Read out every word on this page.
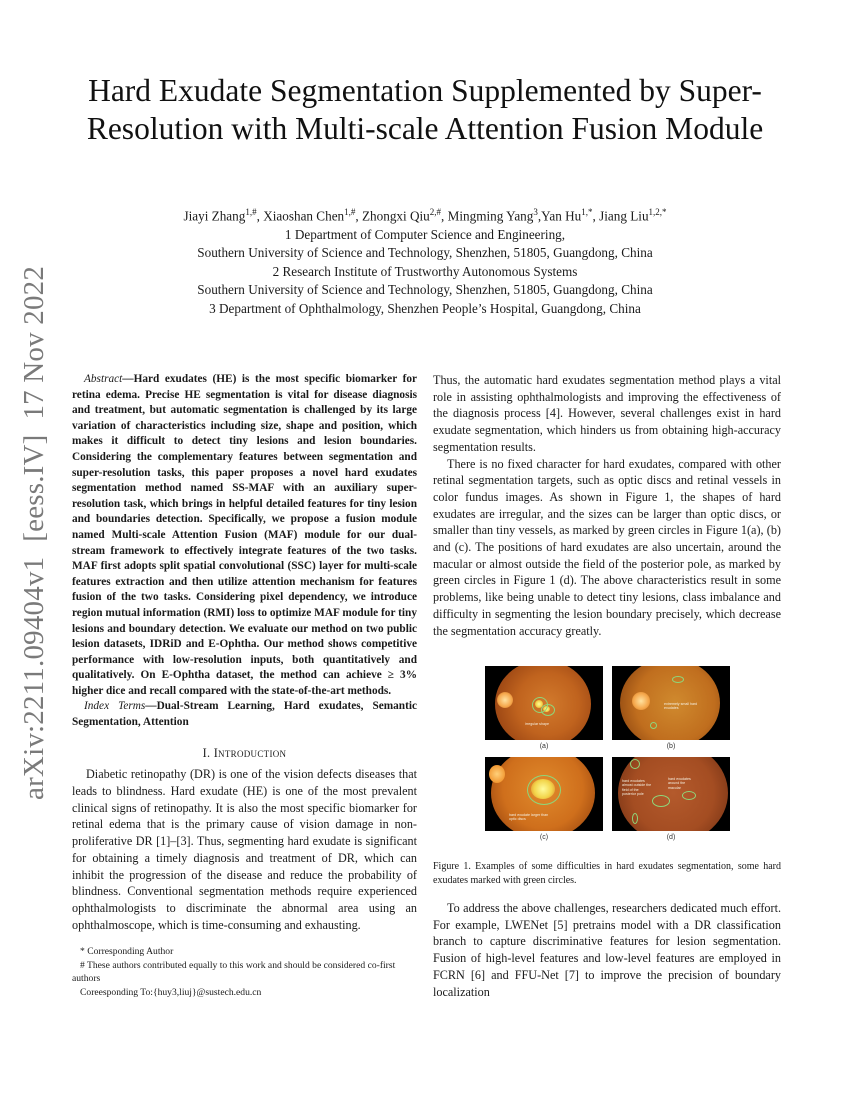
arXiv:2211.09404v1  [eess.IV]  17 Nov 2022
Hard Exudate Segmentation Supplemented by Super-Resolution with Multi-scale Attention Fusion Module
Jiayi Zhang$^{1,\#}$, Xiaoshan Chen$^{1,\#}$, Zhongxi Qiu$^{2,\#}$, Mingming Yang$^3$,Yan $Hu^{1,*}$, Jiang Liu$^{1,2,*}$
1 Department of Computer Science and Engineering,
Southern University of Science and Technology, Shenzhen, 51805, Guangdong, China
2 Research Institute of Trustworthy Autonomous Systems
Southern University of Science and Technology, Shenzhen, 51805, Guangdong, China
3 Department of Ophthalmology, Shenzhen People’s Hospital, Guangdong, China

Abstract—Hard exudates (HE) is the most specific biomarker for retina edema. Precise HE segmentation is vital for disease diagnosis and treatment, but automatic segmentation is challenged by its large variation of characteristics including size, shape and position, which makes it difficult to detect tiny lesions and lesion boundaries. Considering the complementary features between segmentation and super-resolution tasks, this paper proposes a novel hard exudates segmentation method named SS-MAF with an auxiliary super-resolution task, which brings in helpful detailed features for tiny lesion and boundaries detection. Specifically, we propose a fusion module named Multi-scale Attention Fusion (MAF) module for our dual-stream framework to effectively integrate features of the two tasks. MAF first adopts split spatial convolutional (SSC) layer for multi-scale features extraction and then utilize attention mechanism for features fusion of the two tasks. Considering pixel dependency, we introduce region mutual information (RMI) loss to optimize MAF module for tiny lesions and boundary detection. We evaluate our method on two public lesion datasets, IDRiD and E-Ophtha. Our method shows competitive performance with low-resolution inputs, both quantitatively and qualitatively. On E-Ophtha dataset, the method can achieve ≥ 3% higher dice and recall compared with the state-of-the-art methods.

Index Terms—Dual-Stream Learning, Hard exudates, Semantic Segmentation, Attention

I. Introduction

Diabetic retinopathy (DR) is one of the vision defects diseases that leads to blindness. Hard exudate (HE) is one of the most prevalent clinical signs of retinopathy. It is also the most specific biomarker for retinal edema that is the primary cause of vision damage in non-proliferative DR [1]–[3]. Thus, segmenting hard exudate is significant for obtaining a timely diagnosis and treatment of DR, which can inhibit the progression of the disease and reduce the probability of blindness. Conventional segmentation methods require experienced ophthalmologists to discriminate the abnormal area using an ophthalmoscope, which is time-consuming and exhausting.

* Corresponding Author
# These authors contributed equally to this work and should be considered co-first authors
Coreesponding To:{huy3,liuj}@sustech.edu.cn

Thus, the automatic hard exudates segmentation method plays a vital role in assisting ophthalmologists and improving the effectiveness of the diagnosis process [4]. However, several challenges exist in hard exudate segmentation, which hinders us from obtaining high-accuracy segmentation results.

There is no fixed character for hard exudates, compared with other retinal segmentation targets, such as optic discs and retinal vessels in color fundus images. As shown in Figure 1, the shapes of hard exudates are irregular, and the sizes can be larger than optic discs, or smaller than tiny vessels, as marked by green circles in Figure 1(a), (b) and (c). The positions of hard exudates are also uncertain, around the macular or almost outside the field of the posterior pole, as marked by green circles in Figure 1 (d). The above characteristics result in some problems, like being unable to detect tiny lesions, class imbalance and difficulty in segmenting the lesion boundary precisely, which decrease the segmentation accuracy greatly.

irregular shape
(a)
extremely small hard exudates
(b)
hard exudate larger than optic discs
(c)
hard exudates almost outside the field of the posterior pole
hard exudates around the macular
(d)
Figure 1. Examples of some difficulties in hard exudates segmentation, some hard exudates marked with green circles.

To address the above challenges, researchers dedicated much effort. For example, LWENet [5] pretrains model with a DR classification branch to capture discriminative features for lesion segmentation. Fusion of high-level features and low-level features are employed in FCRN [6] and FFU-Net [7] to improve the precision of boundary localization
